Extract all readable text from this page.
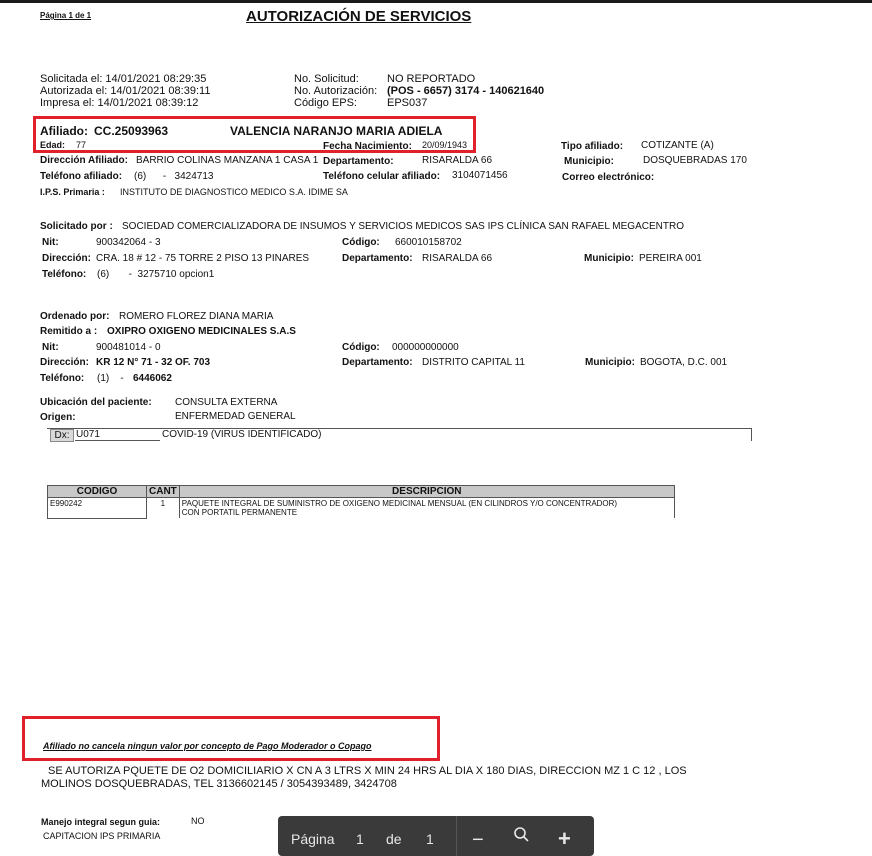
Página 1 de 1	AUTORIZACIÓN DE SERVICIOS
Solicitada el: 14/01/2021 08:29:35
Autorizada el: 14/01/2021 08:39:11
Impresa el: 14/01/2021 08:39:12
No. Solicitud:	NO REPORTADO
No. Autorización: (POS - 6657) 3174 - 140621640
Código EPS:	EPS037
Afiliado: CC.25093963	VALENCIA NARANJO MARIA ADIELA
Edad: 77	Fecha Nacimiento: 20/09/1943	Tipo afiliado: COTIZANTE (A)
Dirección Afiliado: BARRIO COLINAS MANZANA 1 CASA 1 Departamento:	RISARALDA 66	Municipio:	DOSQUEBRADAS 170
Teléfono afiliado: (6)      -   3424713	Teléfono celular afiliado: 3104071456	Correo electrónico:
I.P.S. Primaria : INSTITUTO DE DIAGNOSTICO MEDICO S.A. IDIME SA
Solicitado por : SOCIEDAD COMERCIALIZADORA DE INSUMOS Y SERVICIOS MEDICOS SAS IPS CLÍNICA SAN RAFAEL MEGACENTRO
Nit:	900342064 - 3	Código: 660010158702
Dirección: CRA. 18 # 12 - 75 TORRE 2 PISO 13 PINARES	Departamento: RISARALDA 66	Municipio: PEREIRA 001
Teléfono: (6)       -  3275710 opcion1
Ordenado por: ROMERO FLOREZ DIANA MARIA
Remitido a : OXIPRO OXIGENO MEDICINALES S.A.S
Nit:	900481014 - 0	Código: 000000000000
Dirección: KR 12 N° 71 - 32 OF. 703	Departamento: DISTRITO CAPITAL 11	Municipio: BOGOTA, D.C. 001
Teléfono: (1)    - 6446062
Ubicación del paciente: CONSULTA EXTERNA
Origen:	ENFERMEDAD GENERAL
Dx: U071	COVID-19 (VIRUS IDENTIFICADO)
CODIGO	CANT	DESCRIPCION
E990242	1	PAQUETE INTEGRAL DE SUMINISTRO DE OXIGENO MEDICINAL MENSUAL (EN CILINDROS Y/O CONCENTRADOR)
CON PORTATIL PERMANENTE
Afiliado no cancela ningun valor por concepto de Pago Moderador o Copago
SE AUTORIZA PQUETE DE O2 DOMICILIARIO X CN A 3 LTRS X MIN 24 HRS AL DIA X 180 DIAS, DIRECCION MZ 1 C 12 , LOS
MOLINOS DOSQUEBRADAS, TEL 3136602145 / 3054393489, 3424708
Manejo integral segun guia:	NO
CAPITACION IPS PRIMARIA	Página 1 de 1 −	+
